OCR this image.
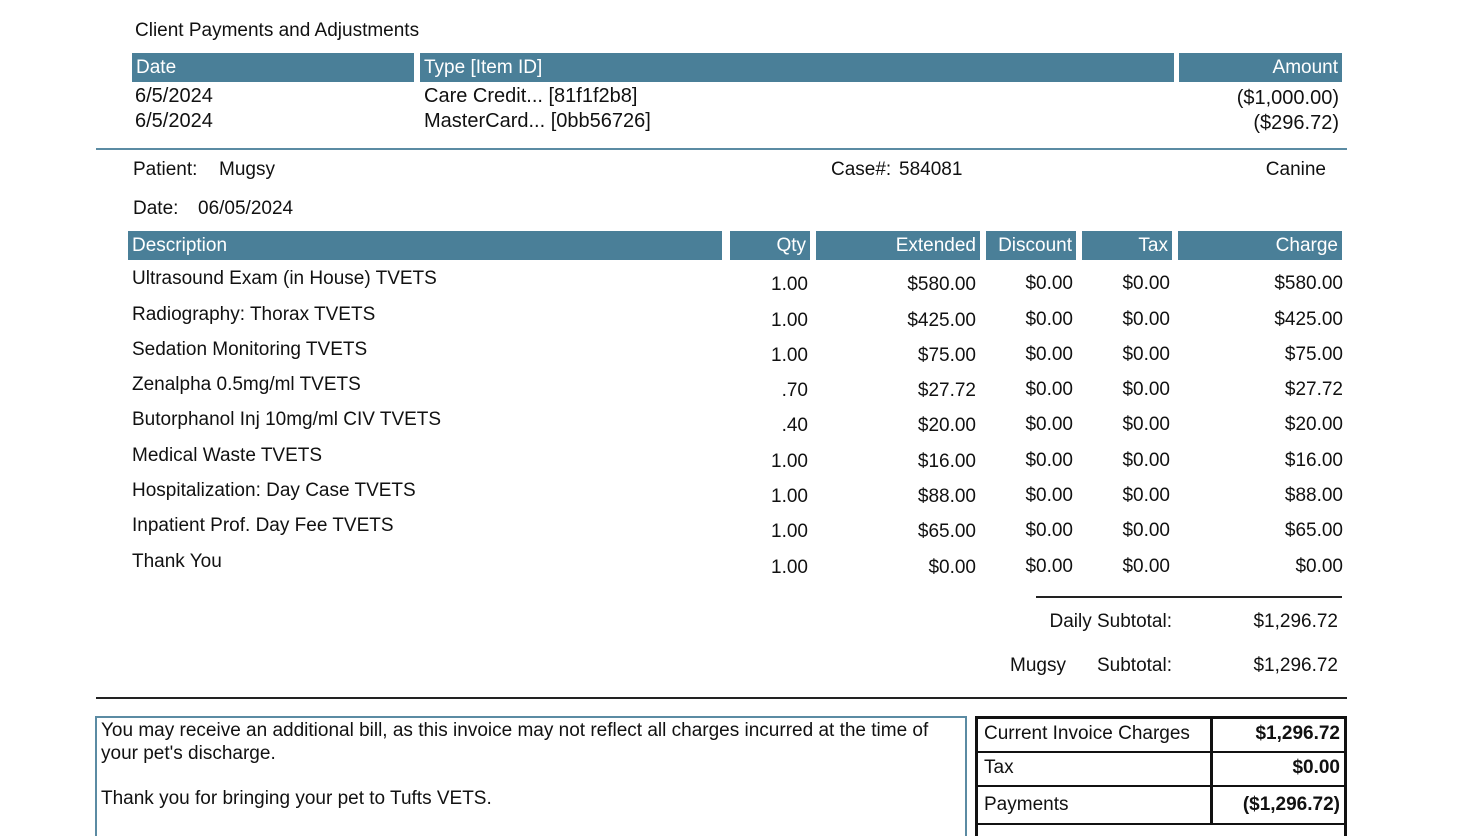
Client Payments and Adjustments
Date	Type [Item ID]	Amount
6/5/2024	Care Credit... [81f1f2b8]	($1,000.00)
6/5/2024	MasterCard... [0bb56726]	($296.72)
Patient: Mugsy	Case#: 584081	Canine
Date: 06/05/2024
Description	Qty	Extended	Discount	Tax	Charge
Ultrasound Exam (in House) TVETS	1.00	$580.00	$0.00	$0.00	$580.00
Radiography: Thorax TVETS	1.00	$425.00	$0.00	$0.00	$425.00
Sedation Monitoring TVETS	1.00	$75.00	$0.00	$0.00	$75.00
Zenalpha 0.5mg/ml TVETS	.70	$27.72	$0.00	$0.00	$27.72
Butorphanol Inj 10mg/ml CIV TVETS	.40	$20.00	$0.00	$0.00	$20.00
Medical Waste TVETS	1.00	$16.00	$0.00	$0.00	$16.00
Hospitalization: Day Case TVETS	1.00	$88.00	$0.00	$0.00	$88.00
Inpatient Prof. Day Fee TVETS	1.00	$65.00	$0.00	$0.00	$65.00
Thank You	1.00	$0.00	$0.00	$0.00	$0.00
Daily Subtotal:	$1,296.72
Mugsy Subtotal:	$1,296.72
You may receive an additional bill, as this invoice may not reflect all charges incurred at the time of your pet's discharge.
Thank you for bringing your pet to Tufts VETS.
Current Invoice Charges	$1,296.72
Tax	$0.00
Payments	($1,296.72)
